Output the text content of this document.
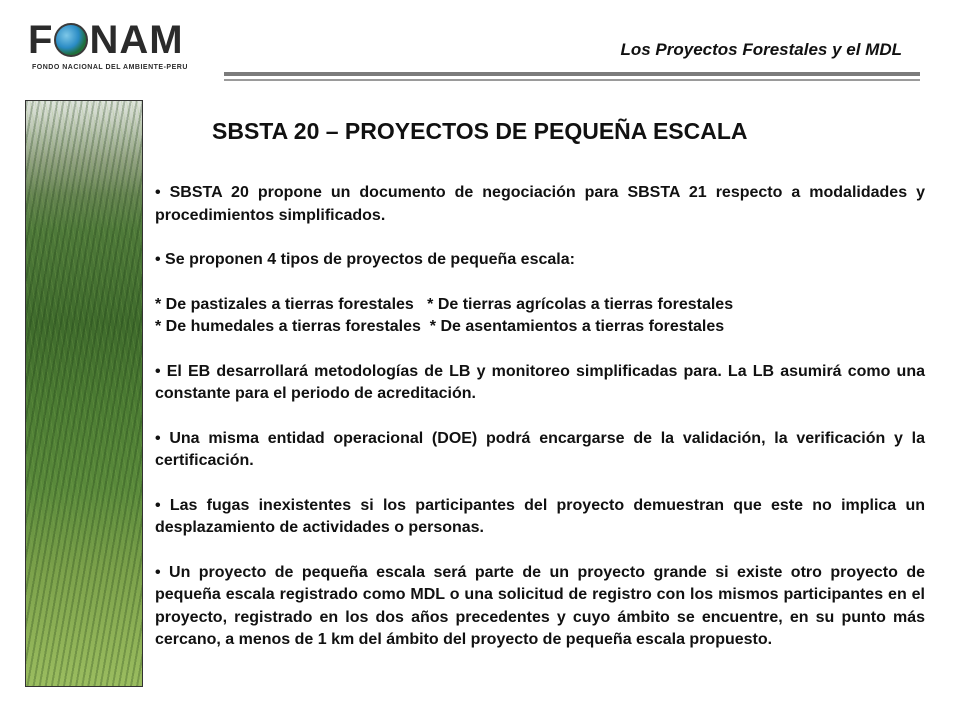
F NAM
FONDO NACIONAL DEL AMBIENTE-PERU
Los Proyectos Forestales y el MDL
SBSTA 20 – PROYECTOS DE PEQUEÑA ESCALA

• SBSTA 20 propone un documento de negociación para SBSTA 21 respecto a modalidades y procedimientos simplificados.

• Se proponen 4 tipos de proyectos de pequeña escala:

* De pastizales a tierras forestales   * De tierras agrícolas a tierras forestales

* De humedales a tierras forestales  * De asentamientos a tierras forestales

• El EB desarrollará metodologías de LB y monitoreo simplificadas para. La LB asumirá como una constante para el periodo de acreditación.

• Una misma entidad operacional (DOE) podrá encargarse de la validación, la verificación y la certificación.

• Las fugas inexistentes si los participantes del proyecto demuestran que este no implica un desplazamiento de actividades o personas.

• Un proyecto de pequeña escala será parte de un proyecto grande si existe otro proyecto de pequeña escala registrado como MDL o una solicitud de registro con los mismos participantes en el proyecto, registrado en los dos años precedentes y cuyo ámbito se encuentre, en su punto más cercano, a menos de 1 km del ámbito del proyecto de pequeña escala propuesto.
